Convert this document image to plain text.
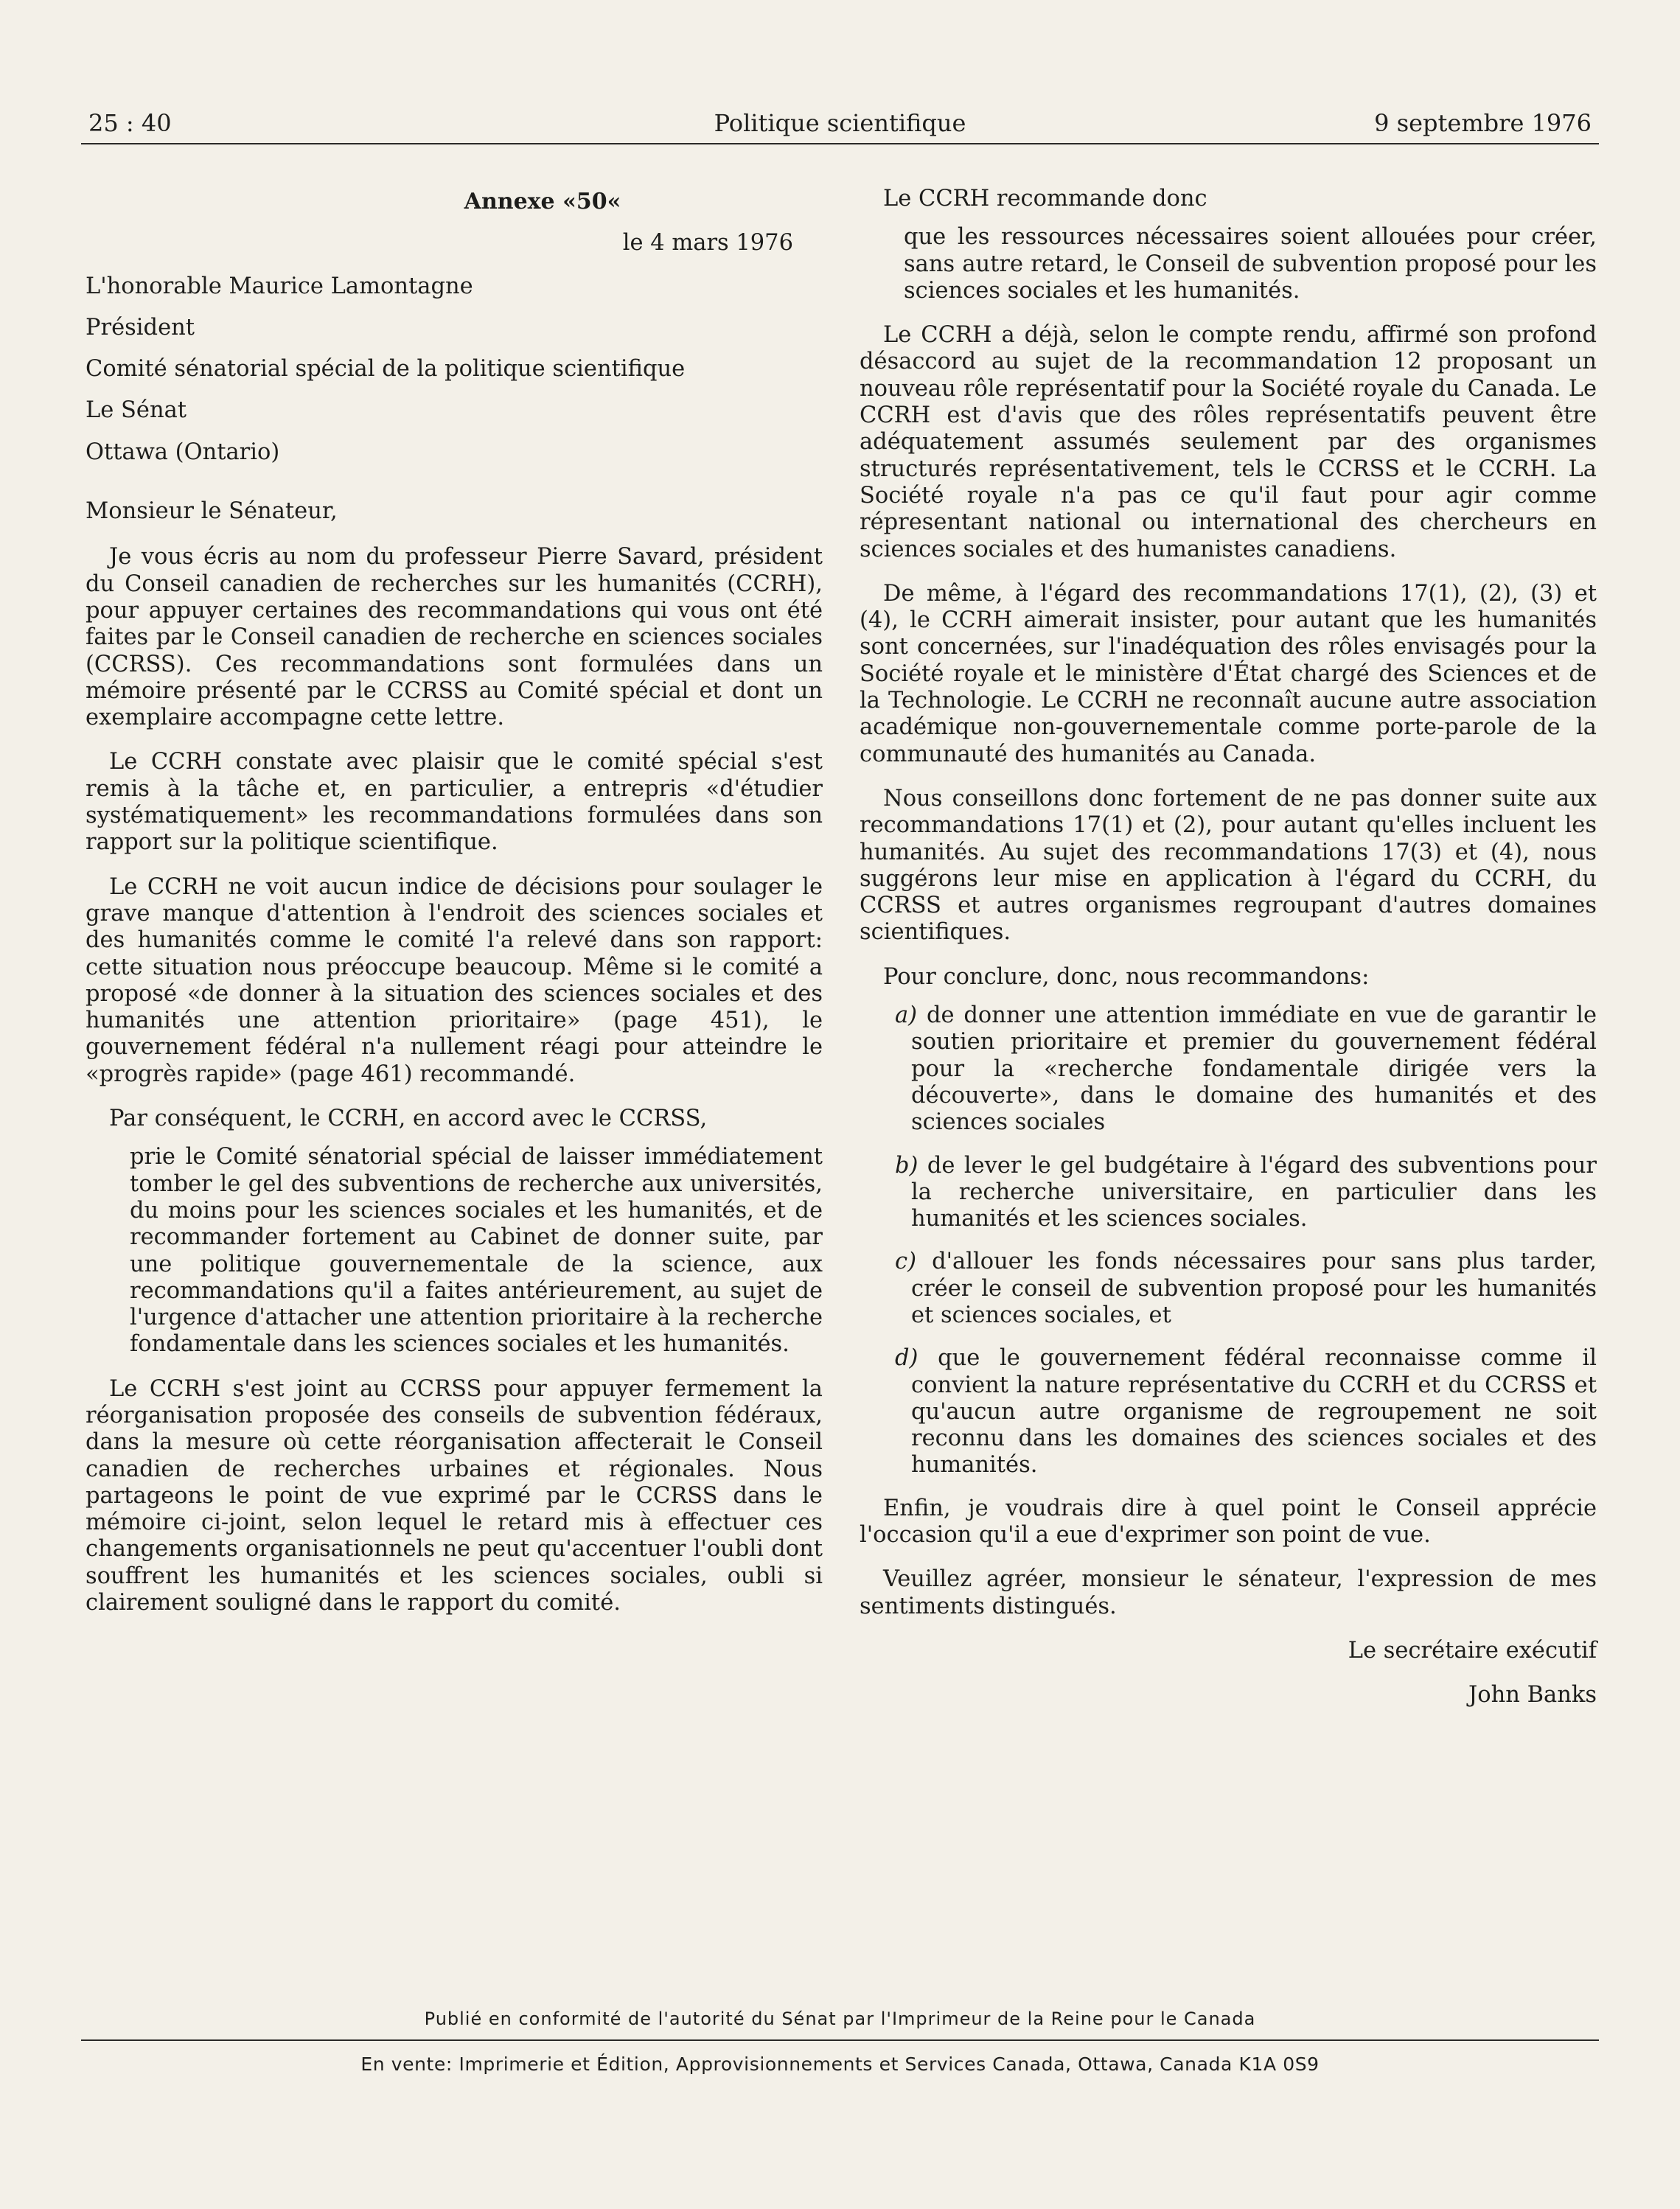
25 : 40	Politique scientifique	9 septembre 1976
Annexe «50«
le 4 mars 1976
L'honorable Maurice Lamontagne
Président
Comité sénatorial spécial de la politique scientifique
Le Sénat
Ottawa (Ontario)
Monsieur le Sénateur,

Je vous écris au nom du professeur Pierre Savard, président du Conseil canadien de recherches sur les humanités (CCRH), pour appuyer certaines des recommandations qui vous ont été faites par le Conseil canadien de recherche en sciences sociales (CCRSS). Ces recommandations sont formulées dans un mémoire présenté par le CCRSS au Comité spécial et dont un exemplaire accompagne cette lettre.

Le CCRH constate avec plaisir que le comité spécial s'est remis à la tâche et, en particulier, a entrepris «d'étudier systématiquement» les recommandations formulées dans son rapport sur la politique scientifique.

Le CCRH ne voit aucun indice de décisions pour soulager le grave manque d'attention à l'endroit des sciences sociales et des humanités comme le comité l'a relevé dans son rapport: cette situation nous préoccupe beaucoup. Même si le comité a proposé «de donner à la situation des sciences sociales et des humanités une attention prioritaire» (page 451), le gouvernement fédéral n'a nullement réagi pour atteindre le «progrès rapide» (page 461) recommandé.

Par conséquent, le CCRH, en accord avec le CCRSS,

prie le Comité sénatorial spécial de laisser immédiatement tomber le gel des subventions de recherche aux universités, du moins pour les sciences sociales et les humanités, et de recommander fortement au Cabinet de donner suite, par une politique gouvernementale de la science, aux recommandations qu'il a faites antérieurement, au sujet de l'urgence d'attacher une attention prioritaire à la recherche fondamentale dans les sciences sociales et les humanités.

Le CCRH s'est joint au CCRSS pour appuyer fermement la réorganisation proposée des conseils de subvention fédéraux, dans la mesure où cette réorganisation affecterait le Conseil canadien de recherches urbaines et régionales. Nous partageons le point de vue exprimé par le CCRSS dans le mémoire ci-joint, selon lequel le retard mis à effectuer ces changements organisationnels ne peut qu'accentuer l'oubli dont souffrent les humanités et les sciences sociales, oubli si clairement souligné dans le rapport du comité.

Le CCRH recommande donc

que les ressources nécessaires soient allouées pour créer, sans autre retard, le Conseil de subvention proposé pour les sciences sociales et les humanités.

Le CCRH a déjà, selon le compte rendu, affirmé son profond désaccord au sujet de la recommandation 12 proposant un nouveau rôle représentatif pour la Société royale du Canada. Le CCRH est d'avis que des rôles représentatifs peuvent être adéquatement assumés seulement par des organismes structurés représentativement, tels le CCRSS et le CCRH. La Société royale n'a pas ce qu'il faut pour agir comme répresentant national ou international des chercheurs en sciences sociales et des humanistes canadiens.

De même, à l'égard des recommandations 17(1), (2), (3) et (4), le CCRH aimerait insister, pour autant que les humanités sont concernées, sur l'inadéquation des rôles envisagés pour la Société royale et le ministère d'État chargé des Sciences et de la Technologie. Le CCRH ne reconnaît aucune autre association académique non-gouvernementale comme porte-parole de la communauté des humanités au Canada.

Nous conseillons donc fortement de ne pas donner suite aux recommandations 17(1) et (2), pour autant qu'elles incluent les humanités. Au sujet des recommandations 17(3) et (4), nous suggérons leur mise en application à l'égard du CCRH, du CCRSS et autres organismes regroupant d'autres domaines scientifiques.

Pour conclure, donc, nous recommandons:

a) de donner une attention immédiate en vue de garantir le soutien prioritaire et premier du gouvernement fédéral pour la «recherche fondamentale dirigée vers la découverte», dans le domaine des humanités et des sciences sociales

b) de lever le gel budgétaire à l'égard des subventions pour la recherche universitaire, en particulier dans les humanités et les sciences sociales.

c) d'allouer les fonds nécessaires pour sans plus tarder, créer le conseil de subvention proposé pour les humanités et sciences sociales, et

d) que le gouvernement fédéral reconnaisse comme il convient la nature représentative du CCRH et du CCRSS et qu'aucun autre organisme de regroupement ne soit reconnu dans les domaines des sciences sociales et des humanités.

Enfin, je voudrais dire à quel point le Conseil apprécie l'occasion qu'il a eue d'exprimer son point de vue.

Veuillez agréer, monsieur le sénateur, l'expression de mes sentiments distingués.

Le secrétaire exécutif

John Banks

Publié en conformité de l'autorité du Sénat par l'Imprimeur de la Reine pour le Canada
En vente: Imprimerie et Édition, Approvisionnements et Services Canada, Ottawa, Canada K1A 0S9
